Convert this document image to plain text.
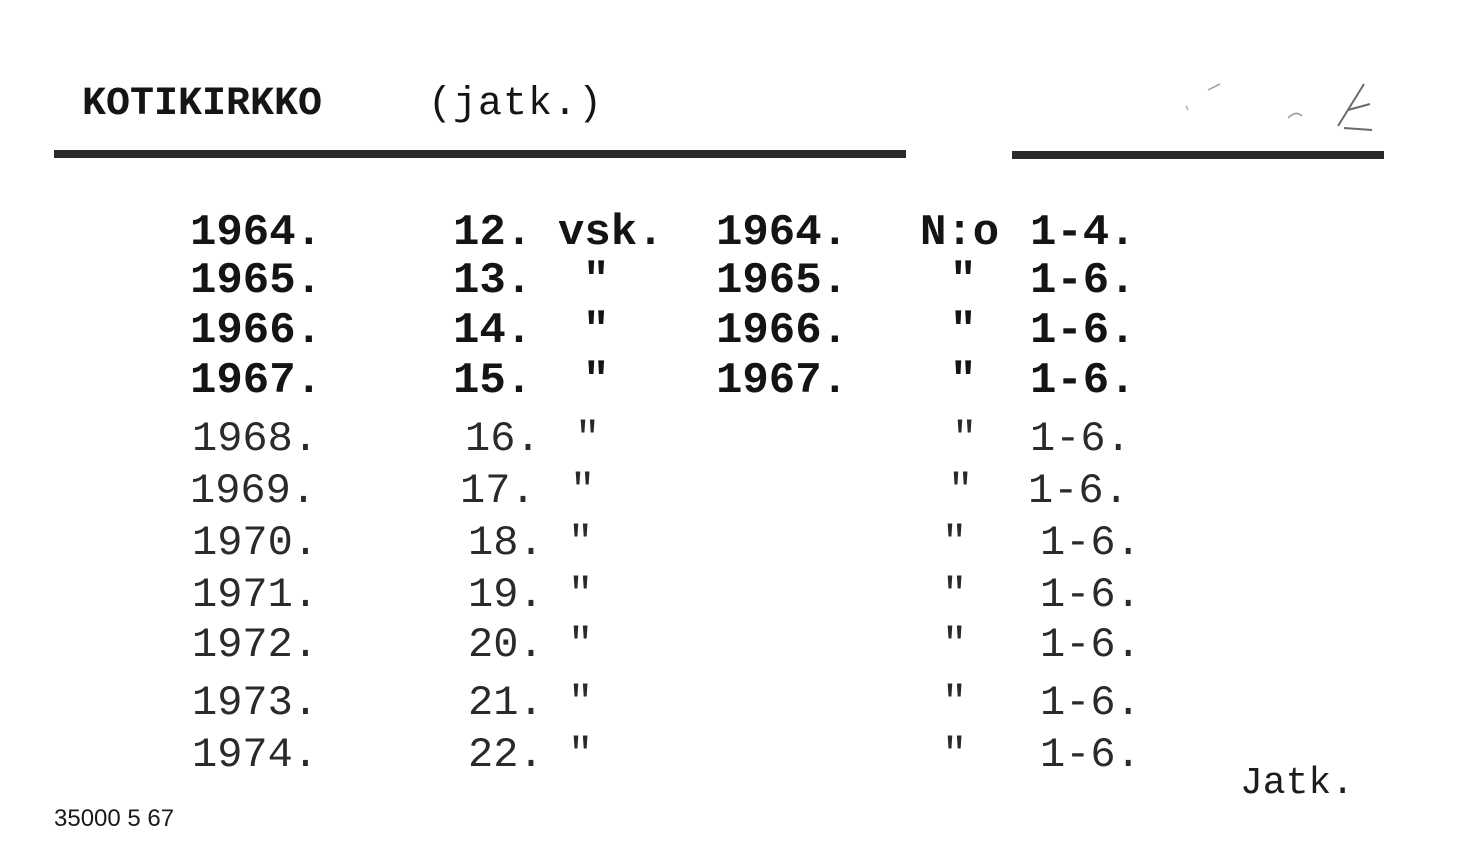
KOTIKIRKKO	(jatk.)
1964.	12. vsk. 1964. N:o 1-4.
1965.	13. " 1965. " 1-6.
1966.	14. " 1966. " 1-6.
1967.	15. " 1967. " 1-6.
1968.	16. "	" 1-6.
1969.	17. "	" 1-6.
1970.	18. "	" 1-6.
1971.	19. "	" 1-6.
1972.	20. "	" 1-6.
1973.	21. "	" 1-6.
1974.	22. "	" 1-6.
Jatk.
35000 5 67
